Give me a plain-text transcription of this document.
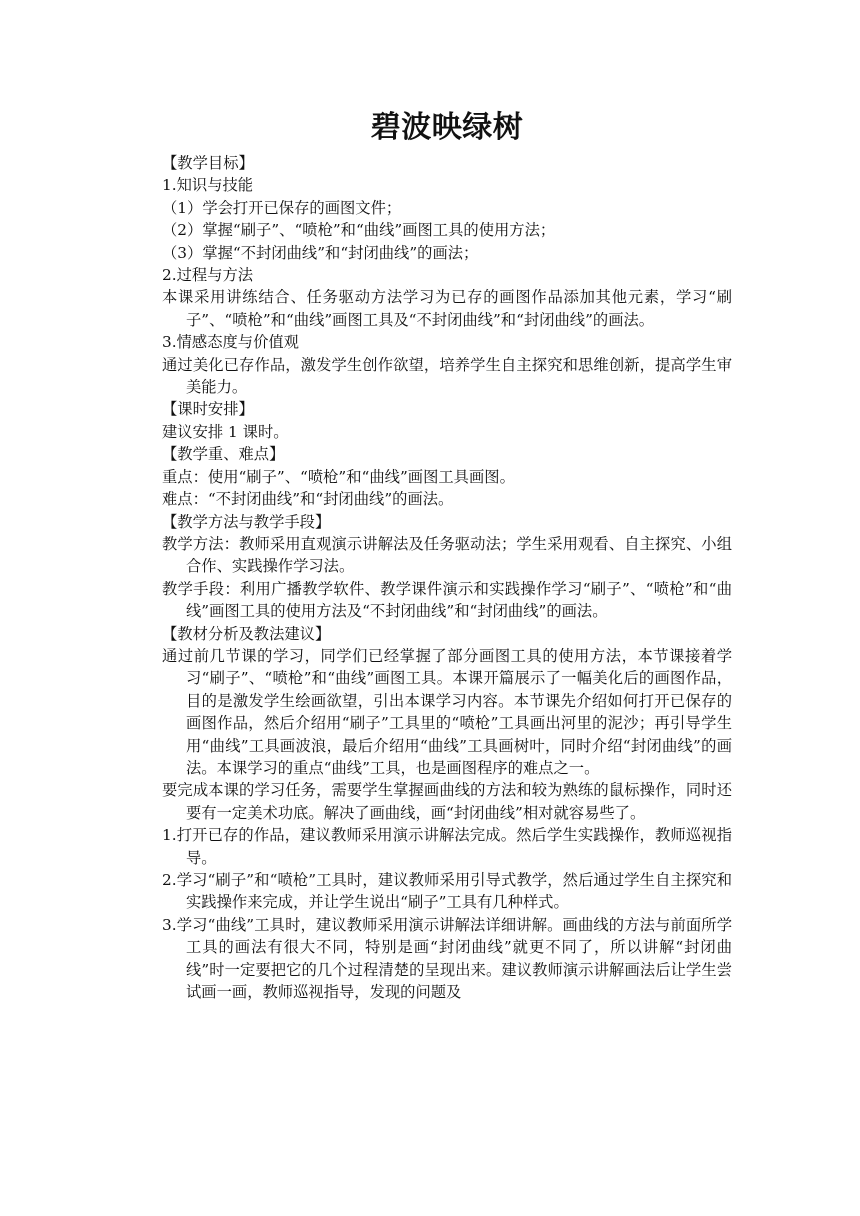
碧波映绿树

【教学目标】

1.知识与技能

（1）学会打开已保存的画图文件；

（2）掌握“刷子”、“喷枪”和“曲线”画图工具的使用方法；

（3）掌握“不封闭曲线”和“封闭曲线”的画法；

2.过程与方法

本课采用讲练结合、任务驱动方法学习为已存的画图作品添加其他元素，学习“刷子”、“喷枪”和“曲线”画图工具及“不封闭曲线”和“封闭曲线”的画法。

3.情感态度与价值观

通过美化已存作品，激发学生创作欲望，培养学生自主探究和思维创新，提高学生审美能力。

【课时安排】

建议安排 1 课时。

【教学重、难点】

重点：使用“刷子”、“喷枪”和“曲线”画图工具画图。

难点：“不封闭曲线”和“封闭曲线”的画法。

【教学方法与教学手段】

教学方法：教师采用直观演示讲解法及任务驱动法；学生采用观看、自主探究、小组合作、实践操作学习法。

教学手段：利用广播教学软件、教学课件演示和实践操作学习“刷子”、“喷枪”和“曲线”画图工具的使用方法及“不封闭曲线”和“封闭曲线”的画法。

【教材分析及教法建议】

通过前几节课的学习，同学们已经掌握了部分画图工具的使用方法，本节课接着学习“刷子”、“喷枪”和“曲线”画图工具。本课开篇展示了一幅美化后的画图作品，目的是激发学生绘画欲望，引出本课学习内容。本节课先介绍如何打开已保存的画图作品，然后介绍用“刷子”工具里的“喷枪”工具画出河里的泥沙；再引导学生用“曲线”工具画波浪，最后介绍用“曲线”工具画树叶，同时介绍“封闭曲线”的画法。本课学习的重点“曲线”工具，也是画图程序的难点之一。

要完成本课的学习任务，需要学生掌握画曲线的方法和较为熟练的鼠标操作，同时还要有一定美术功底。解决了画曲线，画“封闭曲线”相对就容易些了。

1.打开已存的作品，建议教师采用演示讲解法完成。然后学生实践操作，教师巡视指导。

2.学习“刷子”和“喷枪”工具时，建议教师采用引导式教学，然后通过学生自主探究和实践操作来完成，并让学生说出“刷子”工具有几种样式。

3.学习“曲线”工具时，建议教师采用演示讲解法详细讲解。画曲线的方法与前面所学工具的画法有很大不同，特别是画“封闭曲线”就更不同了，所以讲解“封闭曲线”时一定要把它的几个过程清楚的呈现出来。建议教师演示讲解画法后让学生尝试画一画，教师巡视指导，发现的问题及
